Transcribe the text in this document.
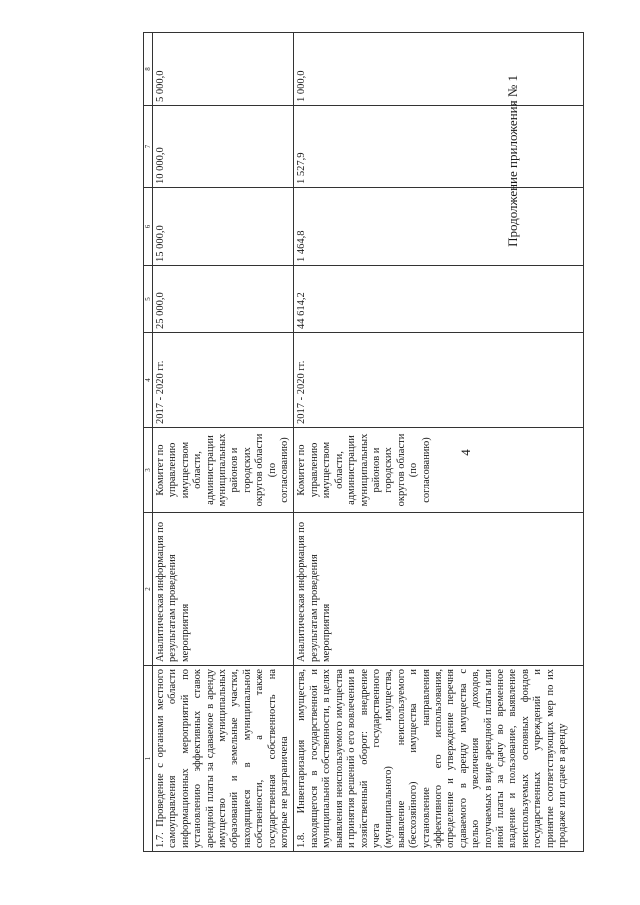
4
1	2	3	4	5	6	7	8
1.7. Проведение с органами местного самоуправления области информационных мероприятий по установлению эффективных ставок арендной платы за сдаваемое в аренду имущество муниципальных образований и земельные участки, находящиеся в муниципальной собственности, а также государственная собственность на которые не разграничена	Аналитическая информация по результатам проведения мероприятия	Комитет по управлению имуществом области, администрации муниципальных районов и городских округов области (по согласованию)	2017 - 2020 гг.	25 000,0	15 000,0	10 000,0	5 000,0
1.8. Инвентаризация имущества, находящегося в государственной и муниципальной собственности, в целях выявления неиспользуемого имущества и принятия решений о его вовлечении в хозяйственный оборот: внедрение учета государственного (муниципального) имущества, выявление неиспользуемого (бесхозяйного) имущества и установление направления эффективного его использования, определение и утверждение перечня сдаваемого в аренду имущества с целью увеличения доходов, получаемых в виде арендной платы или иной платы за сдачу во временное владение и пользование, выявление неиспользуемых основных фондов государственных учреждений и принятие соответствующих мер по их продаже или сдаче в аренду	Аналитическая информация по результатам проведения мероприятия	Комитет по управлению имуществом области, администрации муниципальных районов и городских округов области (по согласованию)	2017 - 2020 гг.	44 614,2	1 464,8	1 527,9	1 000,0	Продолжение приложения № 1
